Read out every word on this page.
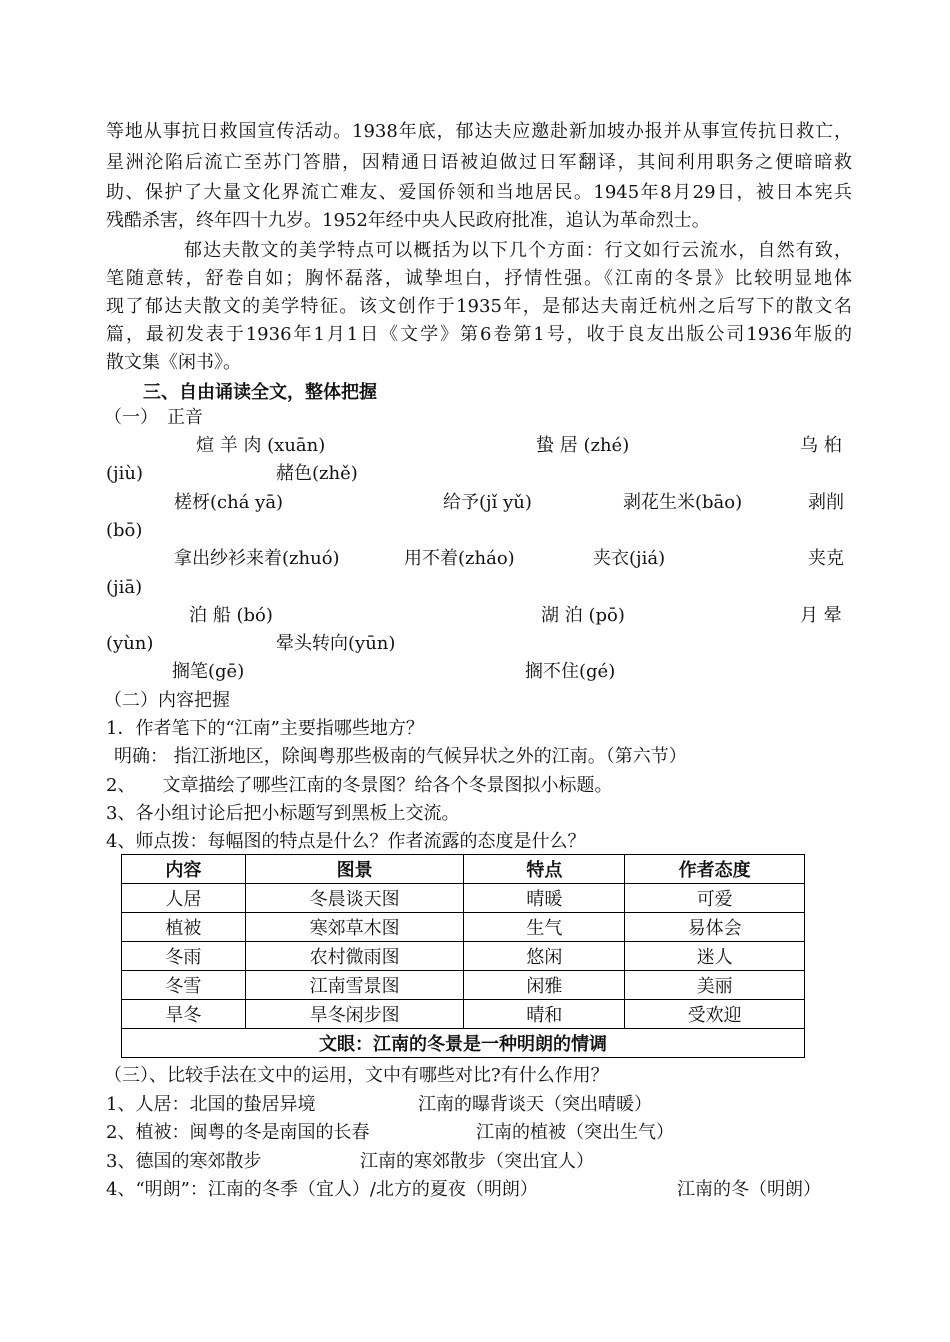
等地从事抗日救国宣传活动。1938年底，郁达夫应邀赴新加坡办报并从事宣传抗日救亡，
星洲沦陷后流亡至苏门答腊，因精通日语被迫做过日军翻译，其间利用职务之便暗暗救
助、保护了大量文化界流亡难友、爱国侨领和当地居民。1945年8月29日，被日本宪兵
残酷杀害，终年四十九岁。1952年经中央人民政府批准，追认为革命烈士。
郁达夫散文的美学特点可以概括为以下几个方面：行文如行云流水，自然有致，
笔随意转，舒卷自如；胸怀磊落，诚挚坦白，抒情性强。《江南的冬景》比较明显地体
现了郁达夫散文的美学特征。该文创作于1935年，是郁达夫南迁杭州之后写下的散文名
篇，最初发表于1936年1月1日《文学》第6卷第1号，收于良友出版公司1936年版的
散文集《闲书》。
三、自由诵读全文，整体把握
（一）　正音
煊 羊 肉 (xuān)	蛰 居 (zhé)	乌 桕
(jiù)	赭色(zhě)
槎枒(chá yā)	给予(jǐ yǔ)	剥花生米(bāo)	剥削
(bō)
拿出纱衫来着(zhuó)	用不着(zháo)	夹衣(jiá)	夹克
(jiā)
泊 船 (bó)	湖 泊 (pō)	月 晕
(yùn)	晕头转向(yūn)
搁笔(gē)	搁不住(gé)
（二）内容把握
1．作者笔下的“江南”主要指哪些地方？
明确： 指江浙地区，除闽粤那些极南的气候异状之外的江南。（第六节）
2、　　文章描绘了哪些江南的冬景图？给各个冬景图拟小标题。
3、各小组讨论后把小标题写到黑板上交流。
4、师点拨：每幅图的特点是什么？作者流露的态度是什么？
内容	图景	特点	作者态度
人居	冬晨谈天图	晴暖	可爱
植被	寒郊草木图	生气	易体会
冬雨	农村微雨图	悠闲	迷人
冬雪	江南雪景图	闲雅	美丽
旱冬	旱冬闲步图	晴和	受欢迎
文眼：江南的冬景是一种明朗的情调			
（三）、比较手法在文中的运用，文中有哪些对比?有什么作用？
1、人居：北国的蛰居异境	江南的曝背谈天（突出晴暖）
2、植被：闽粤的冬是南国的长春	江南的植被（突出生气）
3、德国的寒郊散步	江南的寒郊散步（突出宜人）
4、“明朗”：江南的冬季（宜人）/北方的夏夜（明朗）	江南的冬（明朗）
